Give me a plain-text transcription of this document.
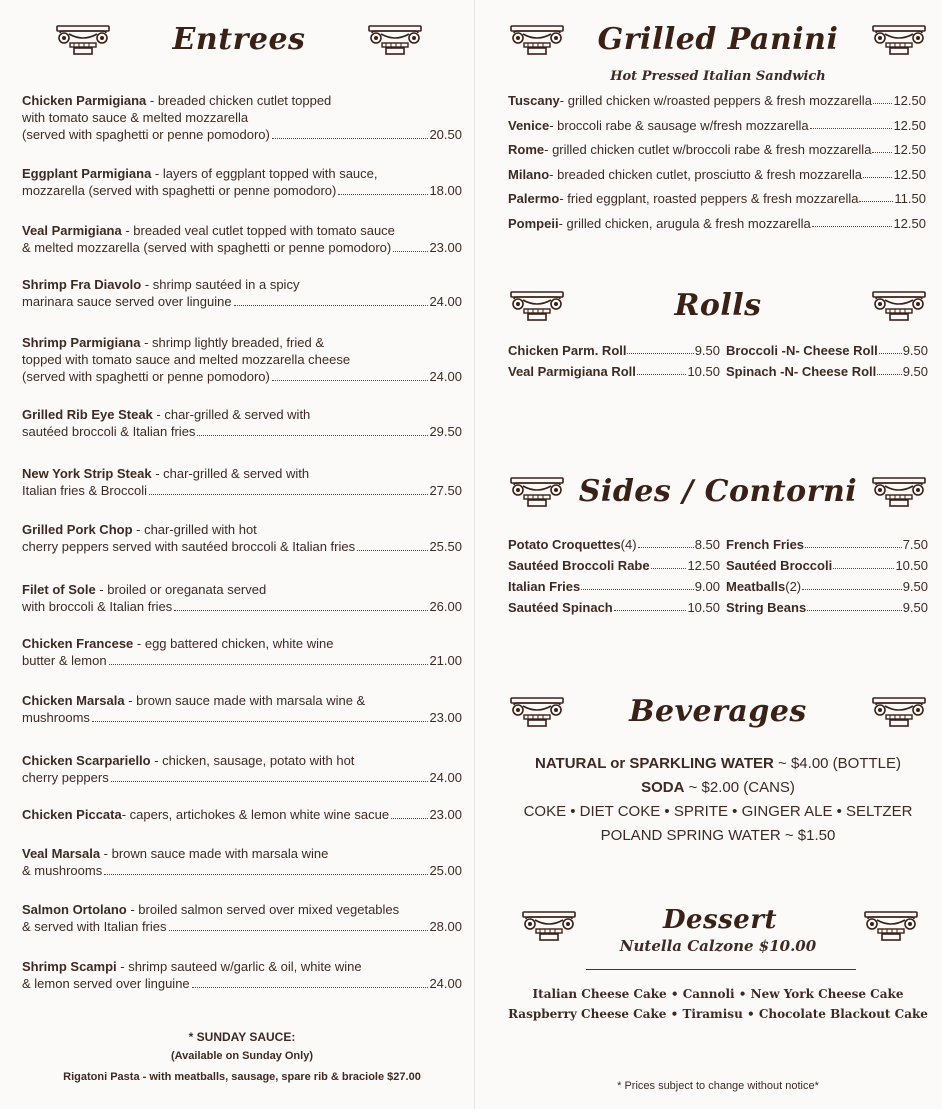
Entrees
Chicken Parmigiana - breaded chicken cutlet topped
with tomato sauce & melted mozzarella
(served with spaghetti or penne pomodoro)	20.50
Eggplant Parmigiana - layers of eggplant topped with sauce,
mozzarella (served with spaghetti or penne pomodoro)	18.00
Veal Parmigiana - breaded veal cutlet topped with tomato sauce
& melted mozzarella (served with spaghetti or penne pomodoro)	23.00
Shrimp Fra Diavolo - shrimp sautéed in a spicy
marinara sauce served over linguine	24.00
Shrimp Parmigiana - shrimp lightly breaded, fried &
topped with tomato sauce and melted mozzarella cheese
(served with spaghetti or penne pomodoro)	24.00
Grilled Rib Eye Steak - char-grilled & served with
sautéed broccoli & Italian fries	29.50
New York Strip Steak - char-grilled & served with
Italian fries & Broccoli	27.50
Grilled Pork Chop - char-grilled with hot
cherry peppers served with sautéed broccoli & Italian fries	25.50
Filet of Sole - broiled or oreganata served
with broccoli & Italian fries	26.00
Chicken Francese - egg battered chicken, white wine
butter & lemon	21.00
Chicken Marsala - brown sauce made with marsala wine &
mushrooms	23.00
Chicken Scarpariello - chicken, sausage, potato with hot
cherry peppers	24.00
Chicken Piccata - capers, artichokes & lemon white wine sacue	23.00
Veal Marsala - brown sauce made with marsala wine
& mushrooms	25.00
Salmon Ortolano - broiled salmon served over mixed vegetables
& served with Italian fries	28.00
Shrimp Scampi - shrimp sauteed w/garlic & oil, white wine
& lemon served over linguine	24.00
* SUNDAY SAUCE:
(Available on Sunday Only)
Rigatoni Pasta - with meatballs, sausage, spare rib & braciole $27.00
Grilled Panini
Hot Pressed Italian Sandwich
Tuscany - grilled chicken w/roasted peppers & fresh mozzarella 12.50
Venice - broccoli rabe & sausage w/fresh mozzarella	12.50
Rome - grilled chicken cutlet w/broccoli rabe & fresh mozzarella 12.50
Milano - breaded chicken cutlet, prosciutto & fresh mozzarella 12.50
Palermo - fried eggplant, roasted peppers & fresh mozzarella	11.50
Pompeii - grilled chicken, arugula & fresh mozzarella	12.50
Rolls
Chicken Parm. Roll	9.50 Broccoli -N- Cheese Roll 9.50
Veal Parmigiana Roll	10.50 Spinach -N- Cheese Roll 9.50
Sides / Contorni
Potato Croquettes (4)	8.50 French Fries	7.50
Sautéed Broccoli Rabe	12.50 Sautéed Broccoli	10.50
Italian Fries	9.00 Meatballs (2)	9.50
Sautéed Spinach	10.50 String Beans	9.50
Beverages
NATURAL or SPARKLING WATER ~ $4.00 (BOTTLE)
SODA ~ $2.00 (CANS)
COKE • DIET COKE • SPRITE • GINGER ALE • SELTZER
POLAND SPRING WATER ~ $1.50
Dessert
Nutella Calzone $10.00
Italian Cheese Cake • Cannoli • New York Cheese Cake
Raspberry Cheese Cake • Tiramisu • Chocolate Blackout Cake
* Prices subject to change without notice*
